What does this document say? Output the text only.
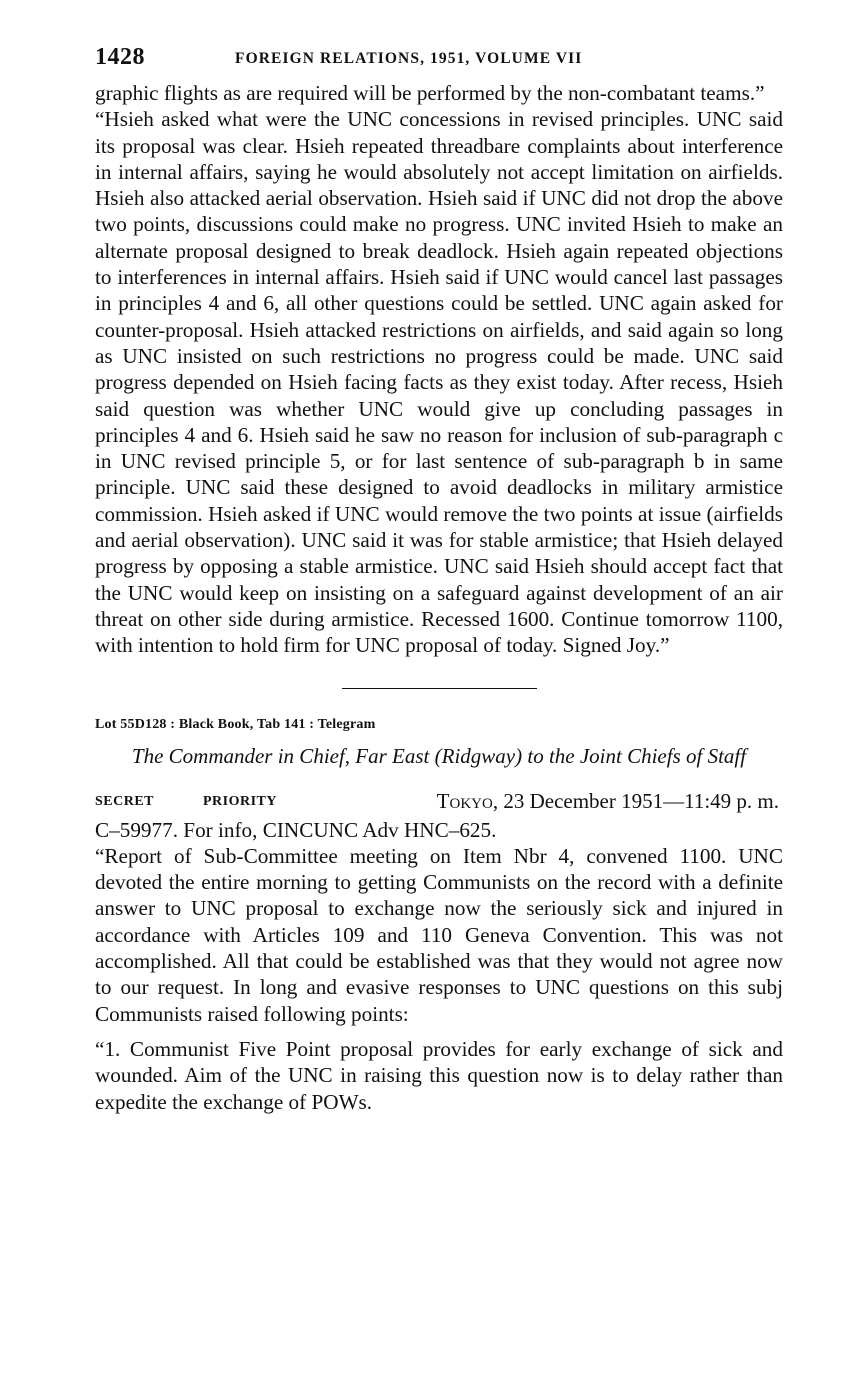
1428	FOREIGN RELATIONS, 1951, VOLUME VII

graphic flights as are required will be performed by the non-combatant teams.”

“Hsieh asked what were the UNC concessions in revised principles. UNC said its proposal was clear. Hsieh repeated threadbare complaints about interference in internal affairs, saying he would absolutely not accept limitation on airfields. Hsieh also attacked aerial observation. Hsieh said if UNC did not drop the above two points, discussions could make no progress. UNC invited Hsieh to make an alternate proposal designed to break deadlock. Hsieh again repeated objections to interferences in internal affairs. Hsieh said if UNC would cancel last passages in principles 4 and 6, all other questions could be settled. UNC again asked for counter-proposal. Hsieh attacked restrictions on airfields, and said again so long as UNC insisted on such restrictions no progress could be made. UNC said progress depended on Hsieh facing facts as they exist today. After recess, Hsieh said question was whether UNC would give up concluding passages in principles 4 and 6. Hsieh said he saw no reason for inclusion of sub-paragraph c in UNC revised principle 5, or for last sentence of sub-paragraph b in same principle. UNC said these designed to avoid deadlocks in military armistice commission. Hsieh asked if UNC would remove the two points at issue (airfields and aerial observation). UNC said it was for stable armistice; that Hsieh delayed progress by opposing a stable armistice. UNC said Hsieh should accept fact that the UNC would keep on insisting on a safeguard against development of an air threat on other side during armistice. Recessed 1600. Continue tomorrow 1100, with intention to hold firm for UNC proposal of today. Signed Joy.”

Lot 55D128 : Black Book, Tab 141 : Telegram

The Commander in Chief, Far East (Ridgway) to the Joint Chiefs of Staff

SECRET	PRIORITY	Tokyo, 23 December 1951—11:49 p. m.

C–59977. For info, CINCUNC Adv HNC–625.

“Report of Sub-Committee meeting on Item Nbr 4, convened 1100. UNC devoted the entire morning to getting Communists on the record with a definite answer to UNC proposal to exchange now the seriously sick and injured in accordance with Articles 109 and 110 Geneva Convention. This was not accomplished. All that could be established was that they would not agree now to our request. In long and evasive responses to UNC questions on this subj Communists raised following points:

“1. Communist Five Point proposal provides for early exchange of sick and wounded. Aim of the UNC in raising this question now is to delay rather than expedite the exchange of POWs.
